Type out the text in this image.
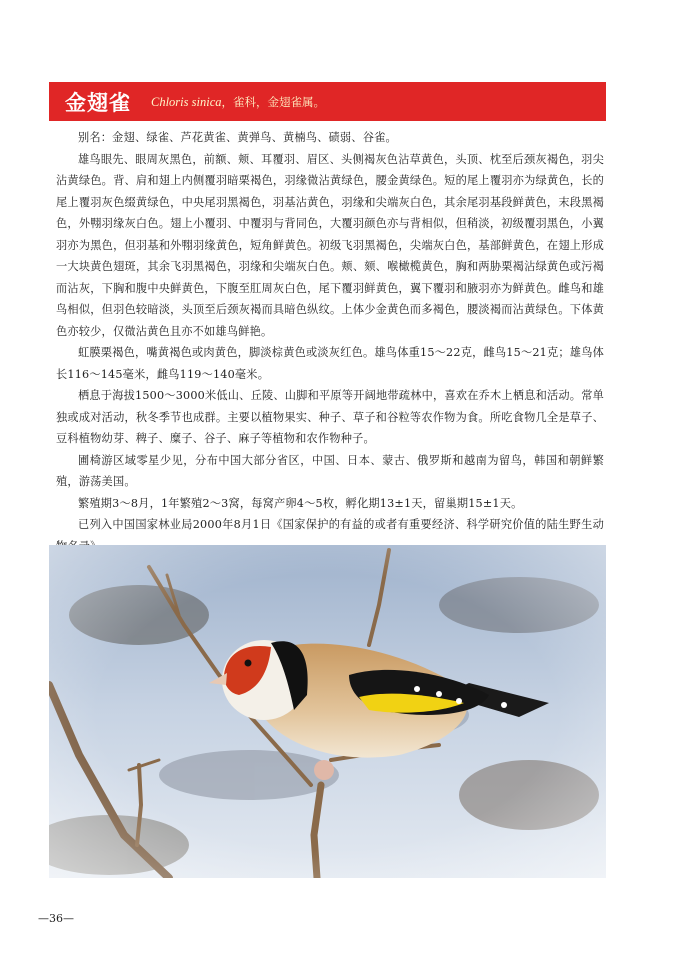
金翅雀 Chloris sinica，雀科，金翅雀属。

别名：金翅、绿雀、芦花黄雀、黄弹鸟、黄楠鸟、碛弱、谷雀。

雄鸟眼先、眼周灰黑色，前额、颊、耳覆羽、眉区、头侧褐灰色沾草黄色，头顶、枕至后颈灰褐色，羽尖沾黄绿色。背、肩和翅上内侧覆羽暗栗褐色，羽缘微沾黄绿色，腰金黄绿色。短的尾上覆羽亦为绿黄色，长的尾上覆羽灰色缀黄绿色，中央尾羽黑褐色，羽基沾黄色，羽缘和尖端灰白色，其余尾羽基段鲜黄色，末段黑褐色，外翈羽缘灰白色。翅上小覆羽、中覆羽与背同色，大覆羽颜色亦与背相似，但稍淡，初级覆羽黑色，小翼羽亦为黑色，但羽基和外翈羽缘黄色，短角鲜黄色。初级飞羽黑褐色，尖端灰白色，基部鲜黄色，在翅上形成一大块黄色翅斑，其余飞羽黑褐色，羽缘和尖端灰白色。颊、颏、喉橄榄黄色，胸和两胁栗褐沾绿黄色或污褐而沾灰，下胸和腹中央鲜黄色，下腹至肛周灰白色，尾下覆羽鲜黄色，翼下覆羽和腋羽亦为鲜黄色。雌鸟和雄鸟相似，但羽色较暗淡，头顶至后颈灰褐而具暗色纵纹。上体少金黄色而多褐色，腰淡褐而沾黄绿色。下体黄色亦较少，仅微沾黄色且亦不如雄鸟鲜艳。

虹膜栗褐色，嘴黄褐色或肉黄色，脚淡棕黄色或淡灰红色。雄鸟体重15～22克，雌鸟15～21克；雄鸟体长116～145毫米，雌鸟119～140毫米。

栖息于海拔1500～3000米低山、丘陵、山脚和平原等开阔地带疏林中，喜欢在乔木上栖息和活动。常单独或成对活动，秋冬季节也成群。主要以植物果实、种子、草子和谷粒等农作物为食。所吃食物几全是草子、豆科植物幼芽、稗子、糜子、谷子、麻子等植物和农作物种子。

圃椅游区域零星少见，分布中国大部分省区，中国、日本、蒙古、俄罗斯和越南为留鸟，韩国和朝鲜繁殖，游荡美国。

繁殖期3～8月，1年繁殖2～3窝，每窝产卵4～5枚，孵化期13±1天，留巢期15±1天。

已列入中国国家林业局2000年8月1日《国家保护的有益的或者有重要经济、科学研究价值的陆生野生动

—36—
